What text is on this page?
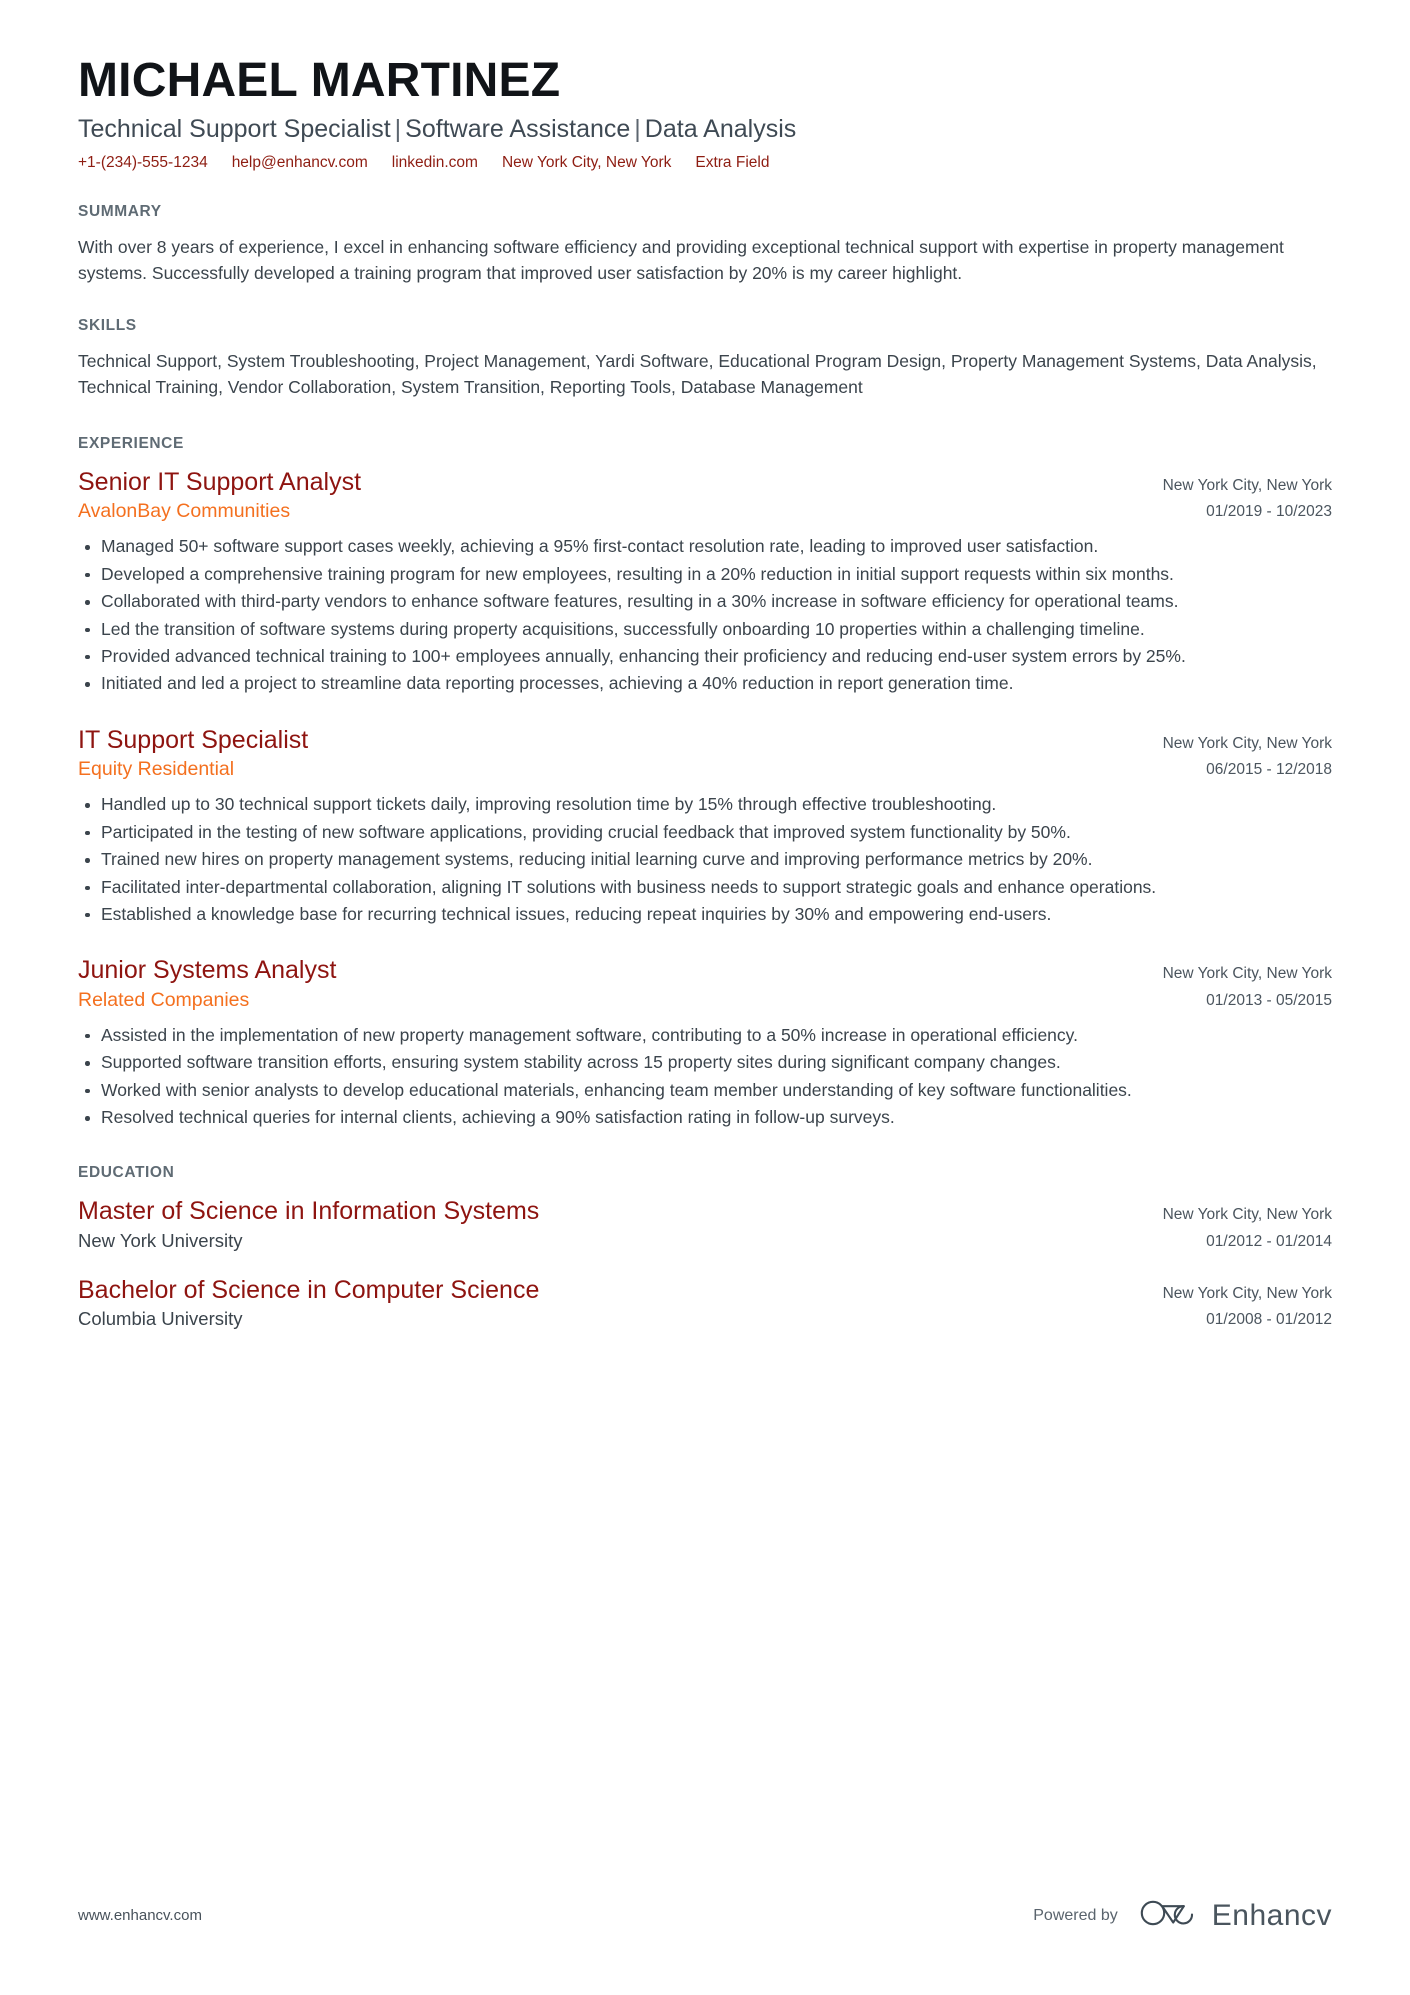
MICHAEL MARTINEZ
Technical Support Specialist | Software Assistance | Data Analysis
+1-(234)-555-1234 help@enhancv.com linkedin.com New York City, New York Extra Field
SUMMARY

With over 8 years of experience, I excel in enhancing software efficiency and providing exceptional technical support with expertise in property management systems. Successfully developed a training program that improved user satisfaction by 20% is my career highlight.

SKILLS

Technical Support, System Troubleshooting, Project Management, Yardi Software, Educational Program Design, Property Management Systems, Data Analysis, Technical Training, Vendor Collaboration, System Transition, Reporting Tools, Database Management

EXPERIENCE
Senior IT Support Analyst
AvalonBay Communities
New York City, New York
01/2019 - 10/2023
Managed 50+ software support cases weekly, achieving a 95% first-contact resolution rate, leading to improved user satisfaction.
Developed a comprehensive training program for new employees, resulting in a 20% reduction in initial support requests within six months.
Collaborated with third-party vendors to enhance software features, resulting in a 30% increase in software efficiency for operational teams.
Led the transition of software systems during property acquisitions, successfully onboarding 10 properties within a challenging timeline.
Provided advanced technical training to 100+ employees annually, enhancing their proficiency and reducing end-user system errors by 25%.
Initiated and led a project to streamline data reporting processes, achieving a 40% reduction in report generation time.
IT Support Specialist
Equity Residential
New York City, New York
06/2015 - 12/2018
Handled up to 30 technical support tickets daily, improving resolution time by 15% through effective troubleshooting.
Participated in the testing of new software applications, providing crucial feedback that improved system functionality by 50%.
Trained new hires on property management systems, reducing initial learning curve and improving performance metrics by 20%.
Facilitated inter-departmental collaboration, aligning IT solutions with business needs to support strategic goals and enhance operations.
Established a knowledge base for recurring technical issues, reducing repeat inquiries by 30% and empowering end-users.
Junior Systems Analyst
Related Companies
New York City, New York
01/2013 - 05/2015
Assisted in the implementation of new property management software, contributing to a 50% increase in operational efficiency.
Supported software transition efforts, ensuring system stability across 15 property sites during significant company changes.
Worked with senior analysts to develop educational materials, enhancing team member understanding of key software functionalities.
Resolved technical queries for internal clients, achieving a 90% satisfaction rating in follow-up surveys.
EDUCATION
Master of Science in Information Systems
New York University
New York City, New York
01/2012 - 01/2014
Bachelor of Science in Computer Science
Columbia University
New York City, New York
01/2008 - 01/2012
www.enhancv.com	Powered by	Enhancv
